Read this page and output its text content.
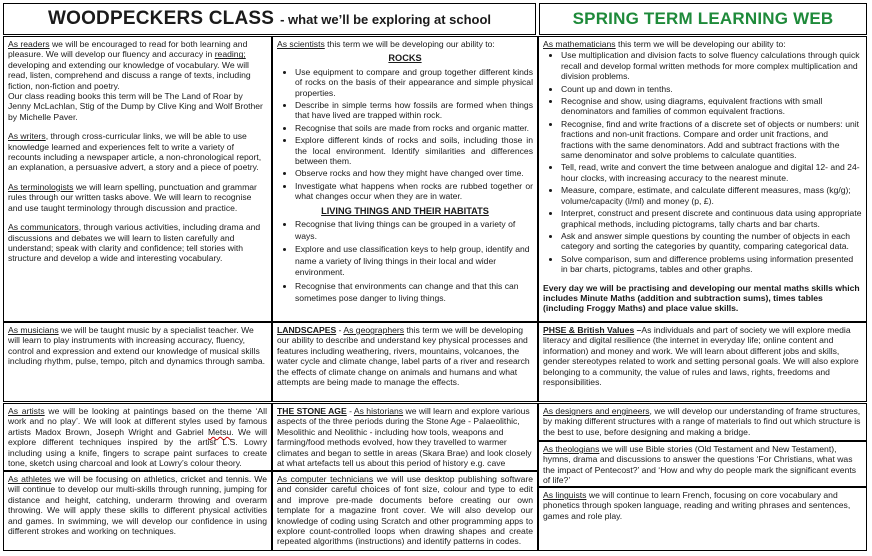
WOODPECKERS CLASS - what we’ll be exploring at school	SPRING TERM LEARNING WEB

As readers we will be encouraged to read for both learning and pleasure. We will develop our fluency and accuracy in reading; developing and extending our knowledge of vocabulary. We will read, listen, comprehend and discuss a range of texts, including fiction, non-fiction and poetry.
Our class reading books this term will be The Land of Roar by Jenny McLachlan, Stig of the Dump by Clive King and Wolf Brother by Michelle Paver.

As writers, through cross-curricular links, we will be able to use knowledge learned and experiences felt to write a variety of recounts including a newspaper article, a non-chronological report, an explanation, a persuasive advert, a story and a piece of poetry.

As terminologists we will learn spelling, punctuation and grammar rules through our written tasks above. We will learn to recognise and use taught terminology through discussion and practice.

As communicators, through various activities, including drama and discussions and debates we will learn to listen carefully and understand; speak with clarity and confidence; tell stories with structure and develop a wide and interesting vocabulary.

As scientists this term we will be developing our ability to:
ROCKS
• Use equipment to compare and group together different kinds of rocks on the basis of their appearance and simple physical properties.
• Describe in simple terms how fossils are formed when things that have lived are trapped within rock.
• Recognise that soils are made from rocks and organic matter.
• Explore different kinds of rocks and soils, including those in the local environment. Identify similarities and differences between them.
• Observe rocks and how they might have changed over time.
• Investigate what happens when rocks are rubbed together or what changes occur when they are in water.
LIVING THINGS AND THEIR HABITATS
• Recognise that living things can be grouped in a variety of ways.
• Explore and use classification keys to help group, identify and name a variety of living things in their local and wider environment.
• Recognise that environments can change and that this can sometimes pose danger to living things.
As mathematicians this term we will be developing our ability to:
• Use multiplication and division facts to solve fluency calculations through quick recall and develop formal written methods for more complex multiplication and division problems.
• Count up and down in tenths.
• Recognise and show, using diagrams, equivalent fractions with small denominators and families of common equivalent fractions.
• Recognise, find and write fractions of a discrete set of objects or numbers: unit fractions and non-unit fractions. Compare and order unit fractions, and fractions with the same denominators. Add and subtract fractions with the same denominator and solve problems to calculate quantities.
• Tell, read, write and convert the time between analogue and digital 12- and 24-hour clocks, with increasing accuracy to the nearest minute.
• Measure, compare, estimate, and calculate different measures, mass (kg/g); volume/capacity (l/ml) and money (p, £).
• Interpret, construct and present discrete and continuous data using appropriate graphical methods, including pictograms, tally charts and bar charts.
• Ask and answer simple questions by counting the number of objects in each category and sorting the categories by quantity, comparing categorical data.
• Solve comparison, sum and difference problems using information presented in bar charts, pictograms, tables and other graphs.
Every day we will be practising and developing our mental maths skills which includes Minute Maths (addition and subtraction sums), times tables (including Froggy Maths) and place value skills.
As musicians we will be taught music by a specialist teacher. We will learn to play instruments with increasing accuracy, fluency, control and expression and extend our knowledge of musical skills including rhythm, pulse, tempo, pitch and dynamics through samba.
LANDSCAPES - As geographers this term we will be developing our ability to describe and understand key physical processes and features including weathering, rivers, mountains, volcanoes, the water cycle and climate change, label parts of a river and research the effects of climate change on animals and humans and what attempts are being made to manage the effects.
PHSE & British Values –As individuals and part of society we will explore media literacy and digital resilience (the internet in everyday life; online content and information) and money and work. We will learn about different jobs and skills, gender stereotypes related to work and setting personal goals. We will also explore belonging to a community, the value of rules and laws, rights, freedoms and responsibilities.
As artists we will be looking at paintings based on the theme ‘All work and no play’. We will look at different styles used by famous artists Madox Brown, Joseph Wright and Gabriel Metsu. We will explore different techniques inspired by the artist L.S. Lowry including using a knife, fingers to scrape paint surfaces to create tone, sketch using charcoal and look at Lowry’s colour theory.
As athletes we will be focusing on athletics, cricket and tennis. We will continue to develop our multi-skills through running, jumping for distance and height, catching, underarm throwing and overarm throwing. We will apply these skills to different physical activities and games. In swimming, we will develop our confidence in using different strokes and working on techniques.
THE STONE AGE - As historians we will learn and explore various aspects of the three periods during the Stone Age - Palaeolithic, Mesolithic and Neolithic - including how tools, weapons and farming/food methods evolved, how they travelled to warmer climates and began to settle in areas (Skara Brae) and look closely at what artefacts tell us about this period of history e.g. cave
As computer technicians we will use desktop publishing software and consider careful choices of font size, colour and type to edit and improve pre-made documents before creating our own template for a magazine front cover. We will also develop our knowledge of coding using Scratch and other programming apps to explore count-controlled loops when drawing shapes and create repeated algorithms (instructions) and identify patterns in codes.
As designers and engineers, we will develop our understanding of frame structures, by making different structures with a range of materials to find out which structure is the best to use, before designing and making a bridge.
As theologians we will use Bible stories (Old Testament and New Testament), hymns, drama and discussions to answer the questions ‘For Christians, what was the impact of Pentecost?’ and ‘How and why do people mark the significant events of life?’
As linguists we will continue to learn French, focusing on core vocabulary and phonetics through spoken language, reading and writing phrases and sentences, games and role play.
